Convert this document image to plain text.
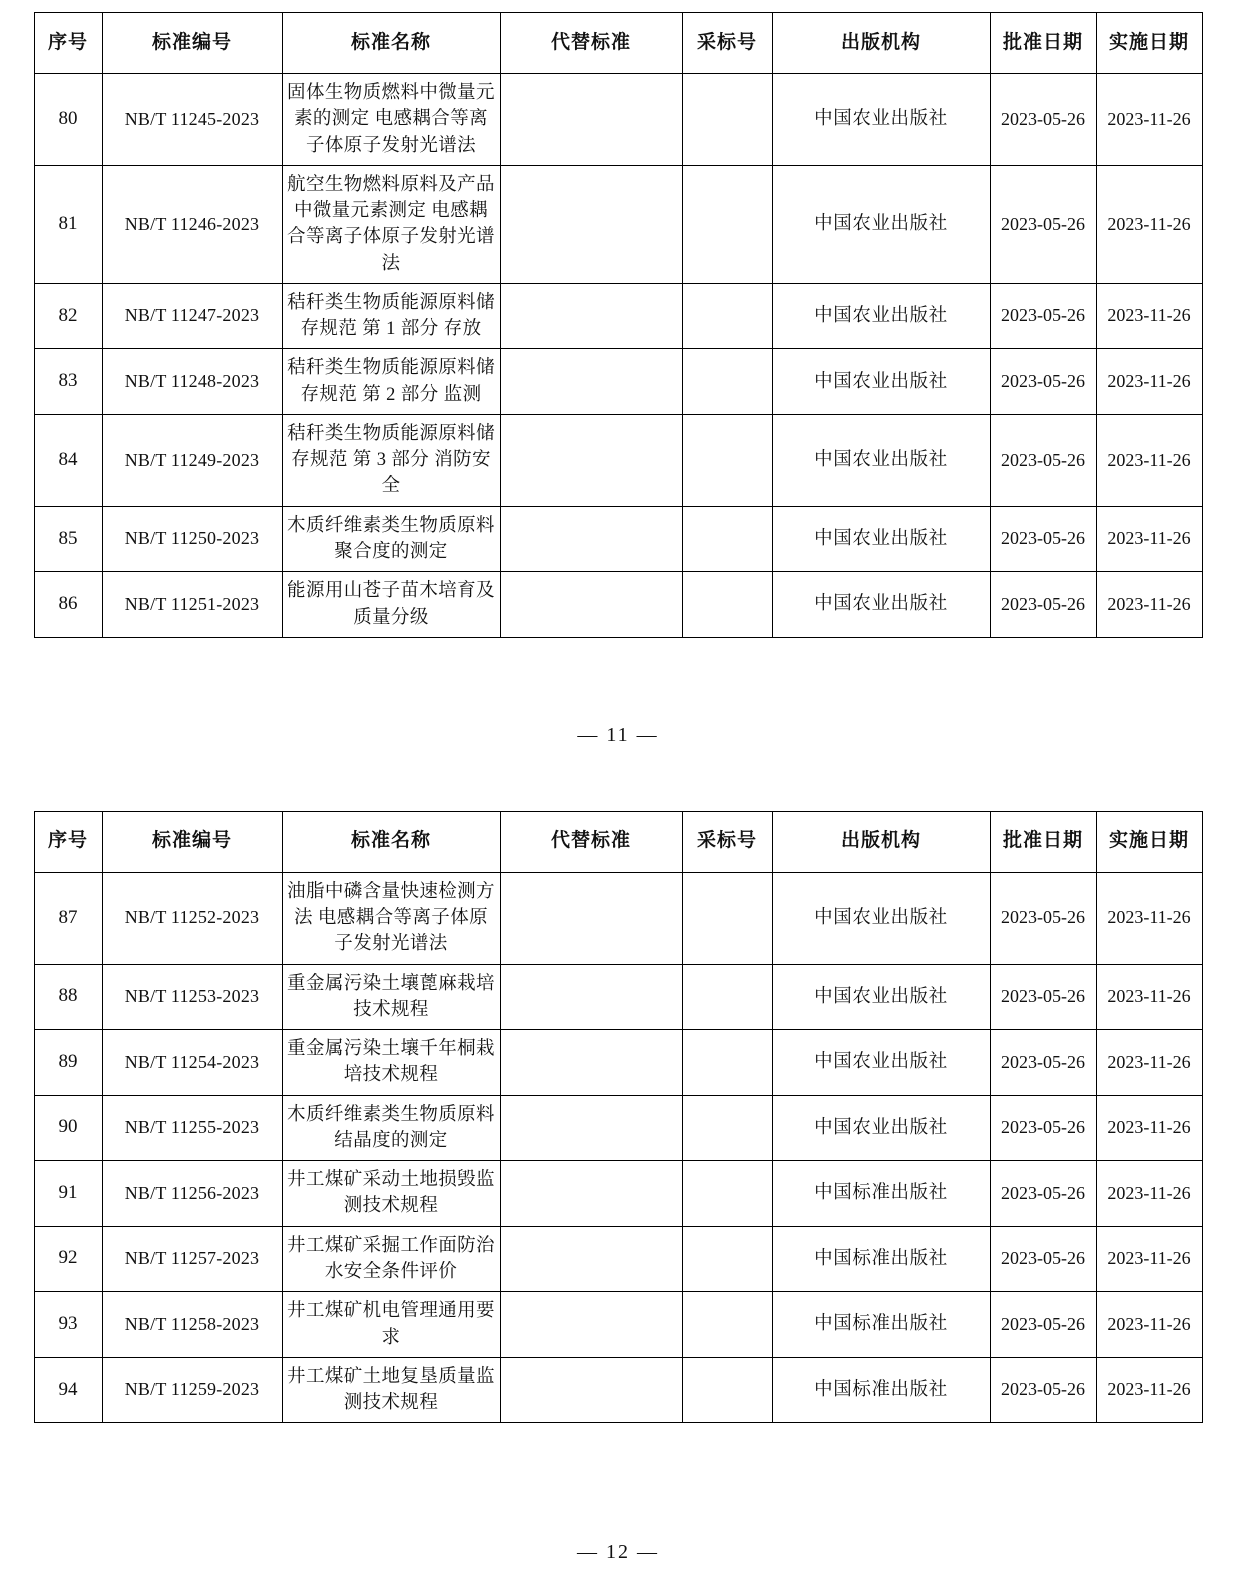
序号	标准编号	标准名称	代替标准	采标号	出版机构	批准日期	实施日期
80	NB/T 11245-2023	固体生物质燃料中微量元素的测定 电感耦合等离子体原子发射光谱法			中国农业出版社	2023-05-26	2023-11-26
81	NB/T 11246-2023	航空生物燃料原料及产品中微量元素测定 电感耦合等离子体原子发射光谱法			中国农业出版社	2023-05-26	2023-11-26
82	NB/T 11247-2023	秸秆类生物质能源原料储存规范 第 1 部分 存放			中国农业出版社	2023-05-26	2023-11-26
83	NB/T 11248-2023	秸秆类生物质能源原料储存规范 第 2 部分 监测			中国农业出版社	2023-05-26	2023-11-26
84	NB/T 11249-2023	秸秆类生物质能源原料储存规范 第 3 部分 消防安全			中国农业出版社	2023-05-26	2023-11-26
85	NB/T 11250-2023	木质纤维素类生物质原料聚合度的测定			中国农业出版社	2023-05-26	2023-11-26
86	NB/T 11251-2023	能源用山苍子苗木培育及质量分级			中国农业出版社	2023-05-26	2023-11-26
— 11 —
序号	标准编号	标准名称	代替标准	采标号	出版机构	批准日期	实施日期
87	NB/T 11252-2023	油脂中磷含量快速检测方法 电感耦合等离子体原子发射光谱法			中国农业出版社	2023-05-26	2023-11-26
88	NB/T 11253-2023	重金属污染土壤蓖麻栽培技术规程			中国农业出版社	2023-05-26	2023-11-26
89	NB/T 11254-2023	重金属污染土壤千年桐栽培技术规程			中国农业出版社	2023-05-26	2023-11-26
90	NB/T 11255-2023	木质纤维素类生物质原料结晶度的测定			中国农业出版社	2023-05-26	2023-11-26
91	NB/T 11256-2023	井工煤矿采动土地损毁监测技术规程			中国标准出版社	2023-05-26	2023-11-26
92	NB/T 11257-2023	井工煤矿采掘工作面防治水安全条件评价			中国标准出版社	2023-05-26	2023-11-26
93	NB/T 11258-2023	井工煤矿机电管理通用要求			中国标准出版社	2023-05-26	2023-11-26
94	NB/T 11259-2023	井工煤矿土地复垦质量监测技术规程			中国标准出版社	2023-05-26	2023-11-26
— 12 —
